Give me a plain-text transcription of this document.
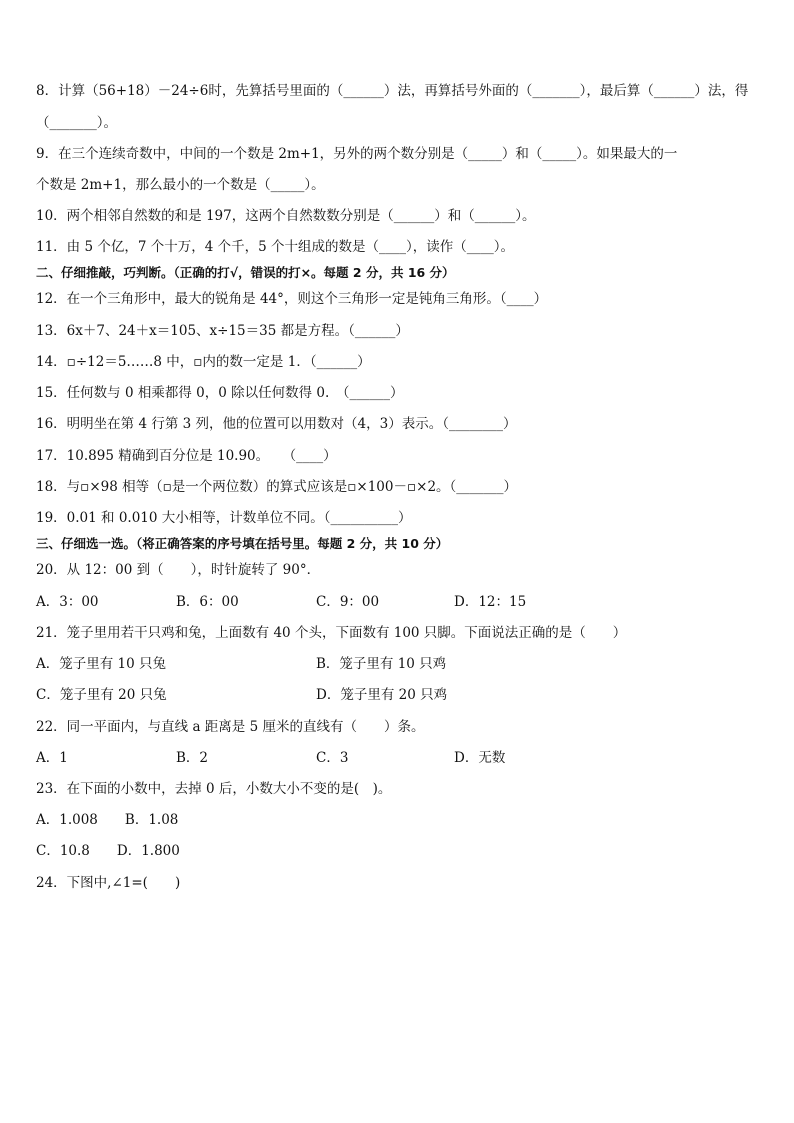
8．计算（56+18）－24÷6时，先算括号里面的（______）法，再算括号外面的（_______），最后算（______）法，得
（_______）。
9．在三个连续奇数中，中间的一个数是 2m+1，另外的两个数分别是（_____）和（_____）。如果最大的一
个数是 2m+1，那么最小的一个数是（_____）。
10．两个相邻自然数的和是 197，这两个自然数数分别是（______）和（______）。
11．由 5 个亿，7 个十万，4 个千，5 个十组成的数是（____），读作（____）。
二、仔细推敲，巧判断。（正确的打√，错误的打×。每题 2 分，共 16 分）
12．在一个三角形中，最大的锐角是 44°，则这个三角形一定是钝角三角形。（____）
13．6x＋7、24＋x＝105、x÷15＝35 都是方程。（______）
14．▫÷12＝5……8 中，▫内的数一定是 1．（______）
15．任何数与 0 相乘都得 0，0 除以任何数得 0.　（______）
16．明明坐在第 4 行第 3 列，他的位置可以用数对（4，3）表示。（________）
17．10.895 精确到百分位是 10.90。　　（____）
18．与▫×98 相等（▫是一个两位数）的算式应该是▫×100－▫×2。（_______）
19．0.01 和 0.010 大小相等，计数单位不同。（__________）
三、仔细选一选。（将正确答案的序号填在括号里。每题 2 分，共 10 分）
20．从 12：00 到（　　），时针旋转了 90°．
A．3：00	B．6：00	C．9：00	D．12：15
21．笼子里用若干只鸡和兔，上面数有 40 个头，下面数有 100 只脚。下面说法正确的是（　　）
A．笼子里有 10 只兔	B．笼子里有 10 只鸡
C．笼子里有 20 只兔	D．笼子里有 20 只鸡
22．同一平面内，与直线 a 距离是 5 厘米的直线有（　　）条。
A．1	B．2	C．3	D．无数
23．在下面的小数中，去掉 0 后，小数大小不变的是(　)。
A．1.008　　B．1.08
C．10.8　　D．1.800
24．下图中,∠1=(　　)
